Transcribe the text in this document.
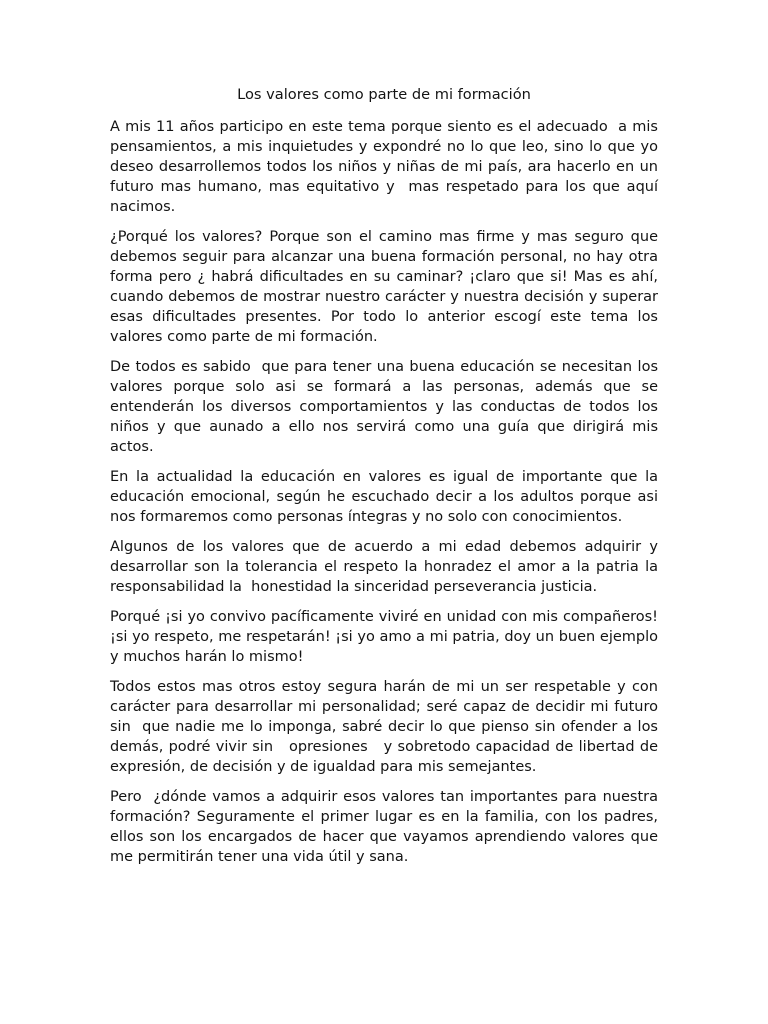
Los valores como parte de mi formación

A mis 11 años participo en este tema porque siento es el adecuado  a mis pensamientos, a mis inquietudes y expondré no lo que leo, sino lo que yo deseo desarrollemos todos los niños y niñas de mi país, ara hacerlo en un futuro mas humano, mas equitativo y  mas respetado para los que aquí nacimos.

¿Porqué los valores? Porque son el camino mas firme y mas seguro que debemos seguir para alcanzar una buena formación personal, no hay otra forma pero ¿ habrá dificultades en su caminar? ¡claro que si! Mas es ahí, cuando debemos de mostrar nuestro carácter y nuestra decisión y superar esas dificultades presentes. Por todo lo anterior escogí este tema los valores como parte de mi formación.

De todos es sabido  que para tener una buena educación se necesitan los valores porque solo asi se formará a las personas, además que se entenderán los diversos comportamientos y las conductas de todos los niños y que aunado a ello nos servirá como una guía que dirigirá mis actos.

En la actualidad la educación en valores es igual de importante que la educación emocional, según he escuchado decir a los adultos porque asi nos formaremos como personas íntegras y no solo con conocimientos.

Algunos de los valores que de acuerdo a mi edad debemos adquirir y desarrollar son la tolerancia el respeto la honradez el amor a la patria la responsabilidad la  honestidad la sinceridad perseverancia justicia.

Porqué ¡si yo convivo pacíficamente viviré en unidad con mis compañeros! ¡si yo respeto, me respetarán! ¡si yo amo a mi patria, doy un buen ejemplo y muchos harán lo mismo!

Todos estos mas otros estoy segura harán de mi un ser respetable y con carácter para desarrollar mi personalidad; seré capaz de decidir mi futuro sin  que nadie me lo imponga, sabré decir lo que pienso sin ofender a los demás, podré vivir sin   opresiones   y sobretodo capacidad de libertad de expresión, de decisión y de igualdad para mis semejantes.

Pero  ¿dónde vamos a adquirir esos valores tan importantes para nuestra formación? Seguramente el primer lugar es en la familia, con los padres, ellos son los encargados de hacer que vayamos aprendiendo valores que me permitirán tener una vida útil y sana.
